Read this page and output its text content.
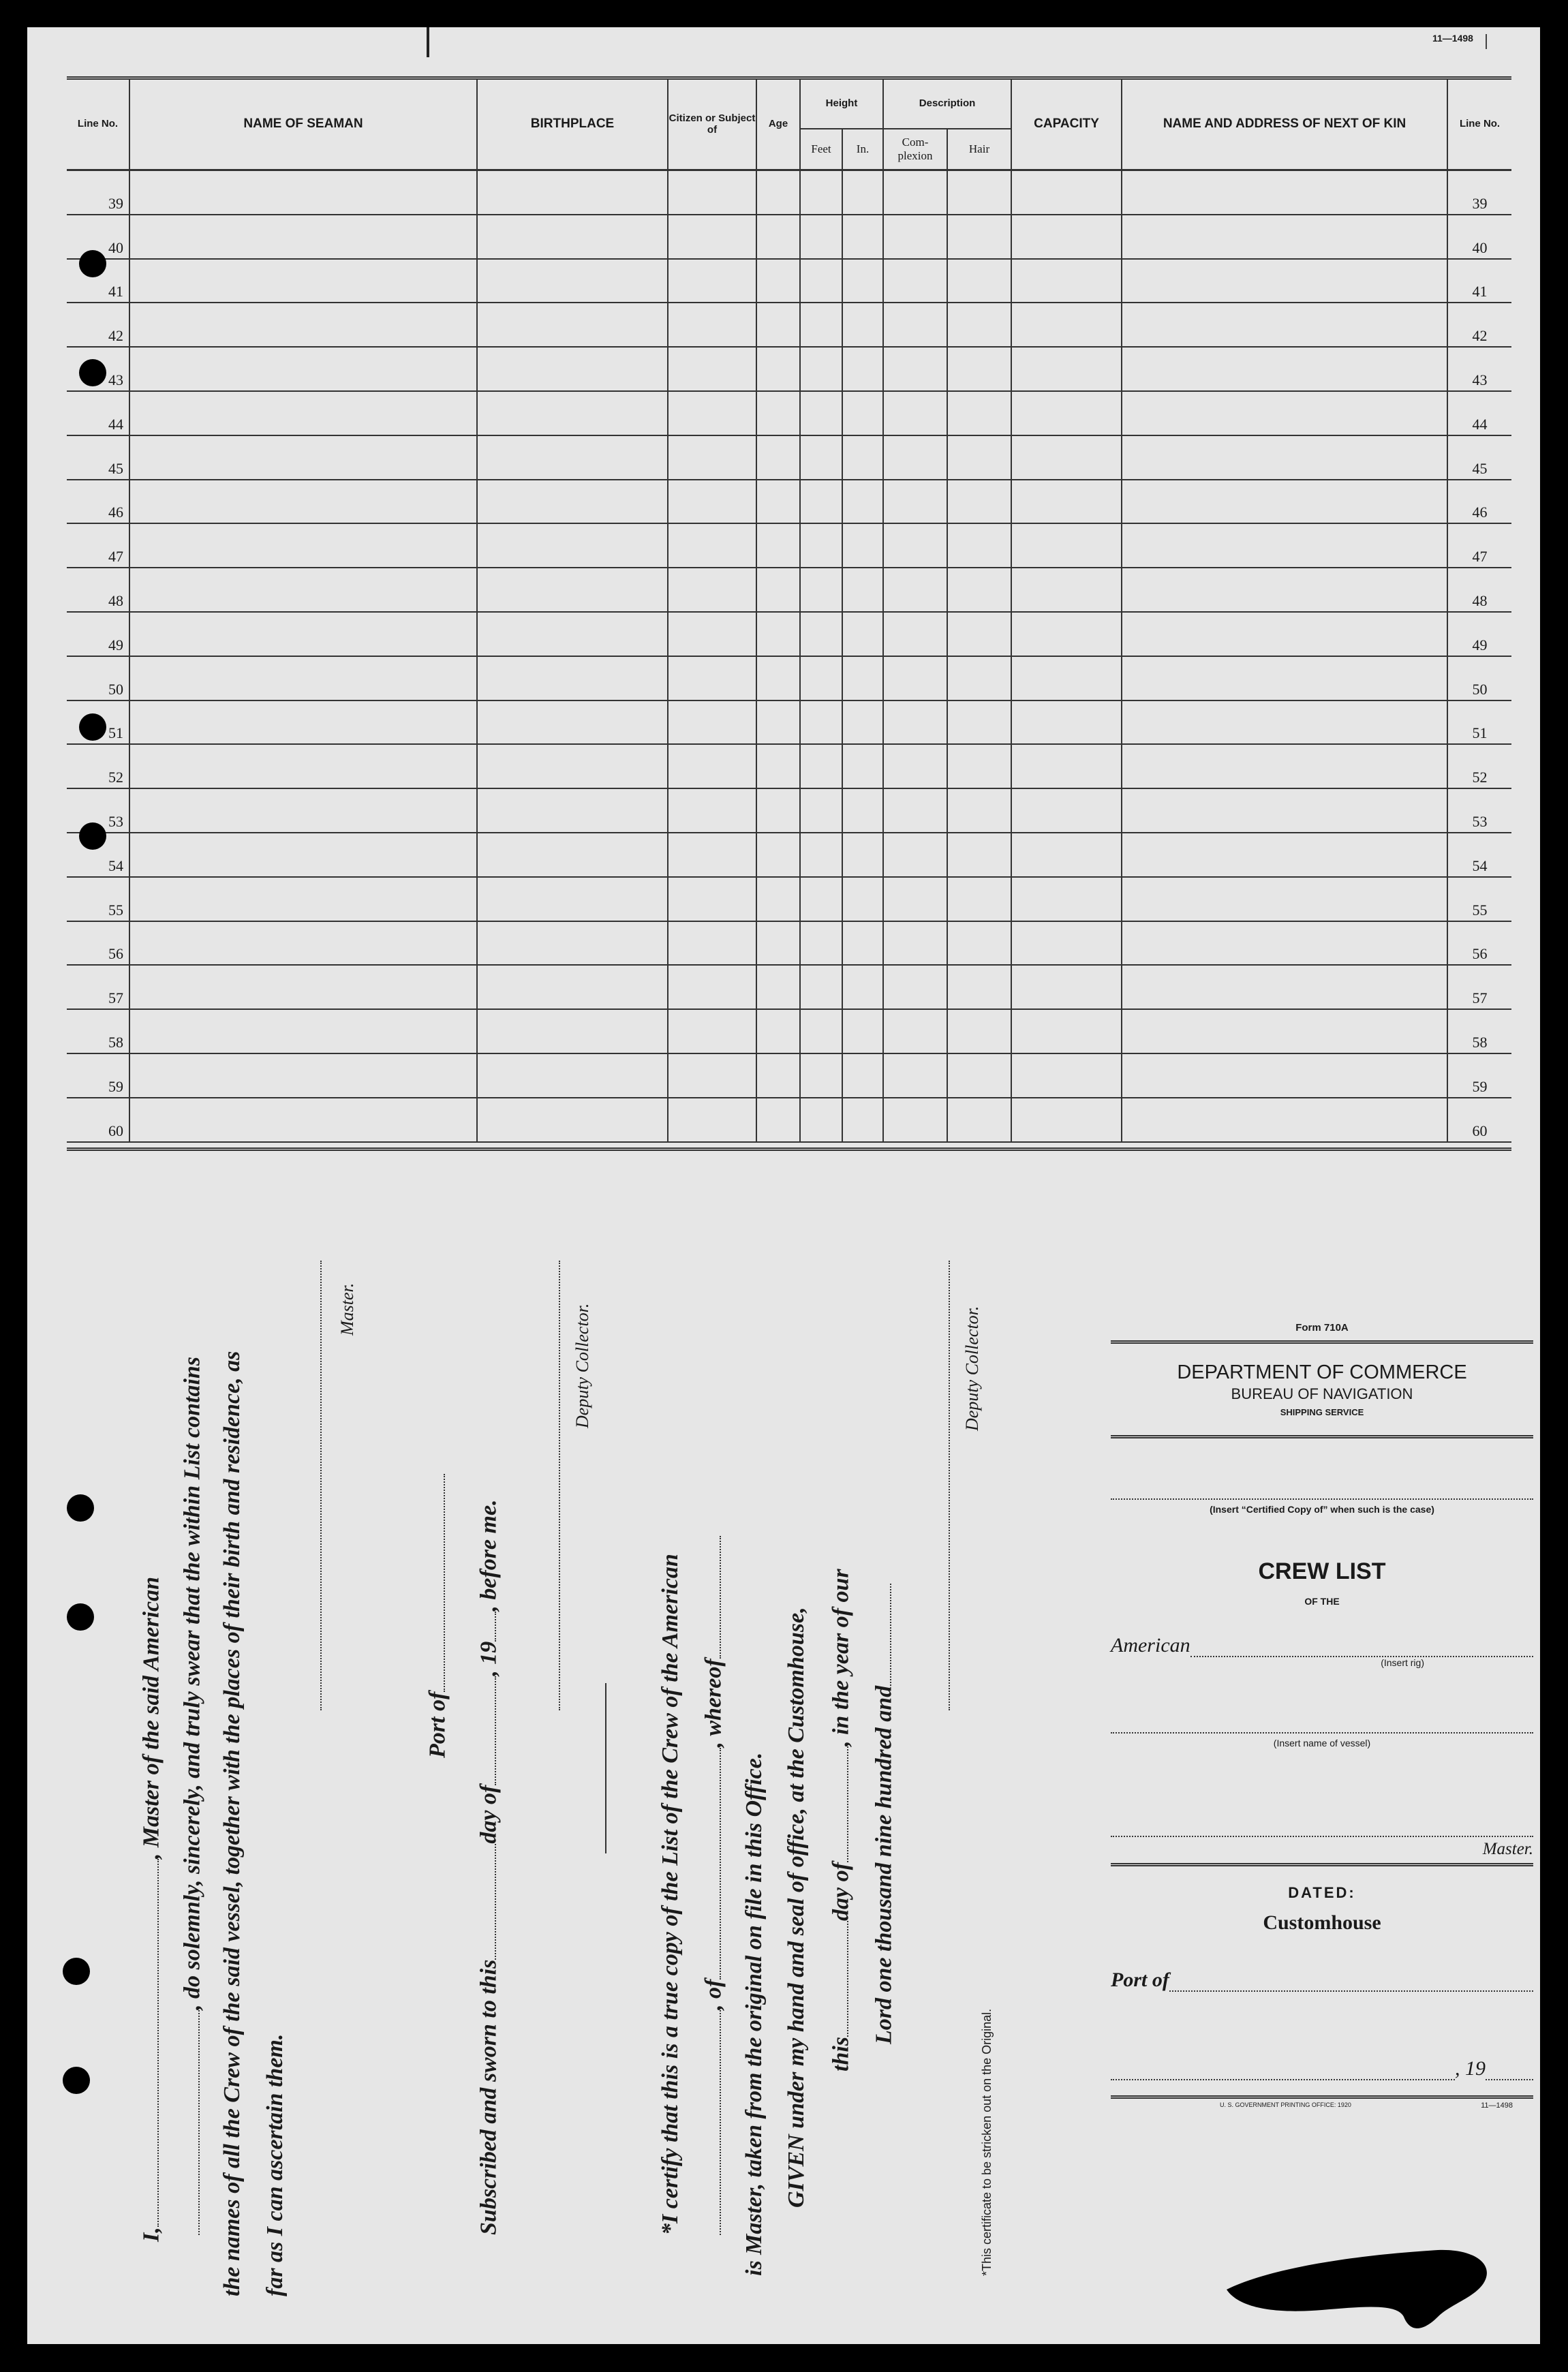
11—1498
Line No.	NAME OF SEAMAN	BIRTHPLACE	Citizen or Subject of	Age	Height		Description		CAPACITY	NAME AND ADDRESS OF NEXT OF KIN	Line No.
					Feet	In.	Com- plexion	Hair			
39											39
40											40
41											41
42											42
43											43
44											44
45											45
46											46
47											47
48											48
49											49
50											50
51											51
52											52
53											53
54											54
55											55
56											56
57											57
58											58
59											59
60											60
I,, Master of the said American , do solemnly, sincerely, and truly swear that the within List contains the names of all the Crew of the said vessel, together with the places of their birth and residence, as far as I can ascertain them.
Master.
Port of
Subscribed and sworn to thisday of, 19, before me.
Deputy Collector.
*I certify that this is a true copy of the List of the Crew of the American , of, whereof
is Master, taken from the original on file in this Office. GIVEN under my hand and seal of office, at the Customhouse, thisday of, in the year of our
Lord one thousand nine hundred and
Deputy Collector.
*This certificate to be stricken out on the Original.
Form 710A
DEPARTMENT OF COMMERCE
BUREAU OF NAVIGATION
SHIPPING SERVICE
(Insert “Certified Copy of” when such is the case)
CREW LIST
OF THE
American
(Insert rig)
(Insert name of vessel)
Master.
DATED:
Customhouse
Port of
, 19
U. S. GOVERNMENT PRINTING OFFICE: 1920	11—1498
